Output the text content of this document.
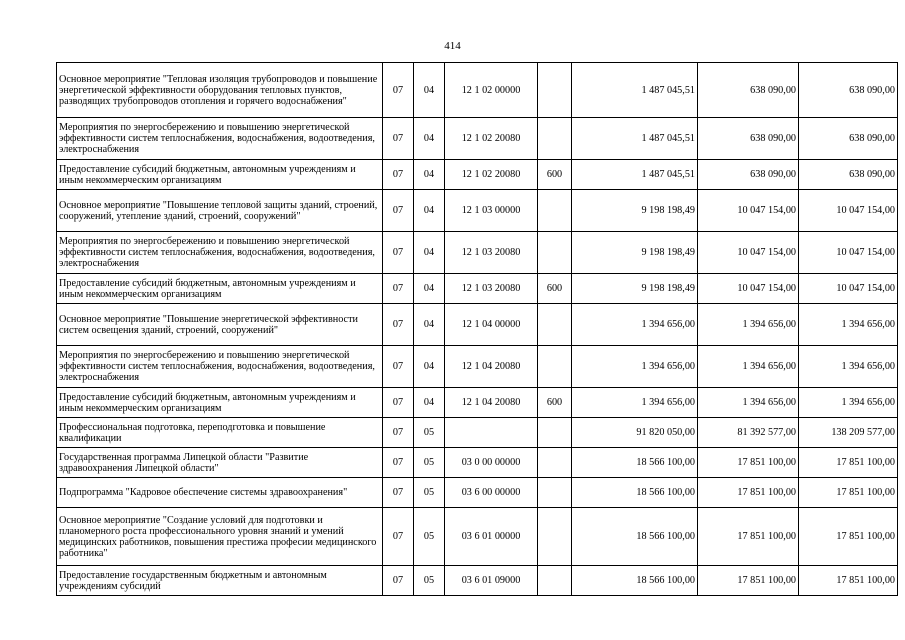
414
Основное мероприятие "Тепловая изоляция трубопроводов и повышение энергетической эффективности оборудования тепловых пунктов, разводящих трубопроводов отопления и горячего водоснабжения"	07	04	12 1 02 00000		1 487 045,51	638 090,00	638 090,00

Мероприятия по энергосбережению и повышению энергетической эффективности систем теплоснабжения, водоснабжения, водоотведения, электроснабжения	07	04	12 1 02 20080		1 487 045,51	638 090,00	638 090,00

Предоставление субсидий бюджетным, автономным учреждениям и иным некоммерческим организациям	07	04	12 1 02 20080	600	1 487 045,51	638 090,00	638 090,00

Основное мероприятие "Повышение тепловой защиты зданий, строений, сооружений, утепление зданий, строений, сооружений"	07	04	12 1 03 00000		9 198 198,49	10 047 154,00	10 047 154,00

Мероприятия по энергосбережению и повышению энергетической эффективности систем теплоснабжения, водоснабжения, водоотведения, электроснабжения	07	04	12 1 03 20080		9 198 198,49	10 047 154,00	10 047 154,00

Предоставление субсидий бюджетным, автономным учреждениям и иным некоммерческим организациям	07	04	12 1 03 20080	600	9 198 198,49	10 047 154,00	10 047 154,00

Основное мероприятие "Повышение энергетической эффективности систем освещения зданий, строений, сооружений"	07	04	12 1 04 00000		1 394 656,00	1 394 656,00	1 394 656,00

Мероприятия по энергосбережению и повышению энергетической эффективности систем теплоснабжения, водоснабжения, водоотведения, электроснабжения	07	04	12 1 04 20080		1 394 656,00	1 394 656,00	1 394 656,00

Предоставление субсидий бюджетным, автономным учреждениям и иным некоммерческим организациям	07	04	12 1 04 20080	600	1 394 656,00	1 394 656,00	1 394 656,00

Профессиональная подготовка, переподготовка и повышение квалификации	07	05			91 820 050,00	81 392 577,00	138 209 577,00

Государственная программа Липецкой области "Развитие здравоохранения Липецкой области"	07	05	03 0 00 00000		18 566 100,00	17 851 100,00	17 851 100,00

Подпрограмма "Кадровое обеспечение системы здравоохранения"	07	05	03 6 00 00000		18 566 100,00	17 851 100,00	17 851 100,00

Основное мероприятие "Создание условий для подготовки и планомерного роста профессионального уровня знаний и умений медицинских работников, повышения престижа професии медицинского работника"	07	05	03 6 01 00000		18 566 100,00	17 851 100,00	17 851 100,00

Предоставление государственным бюджетным и автономным учреждениям субсидий	07	05	03 6 01 09000		18 566 100,00	17 851 100,00	17 851 100,00
